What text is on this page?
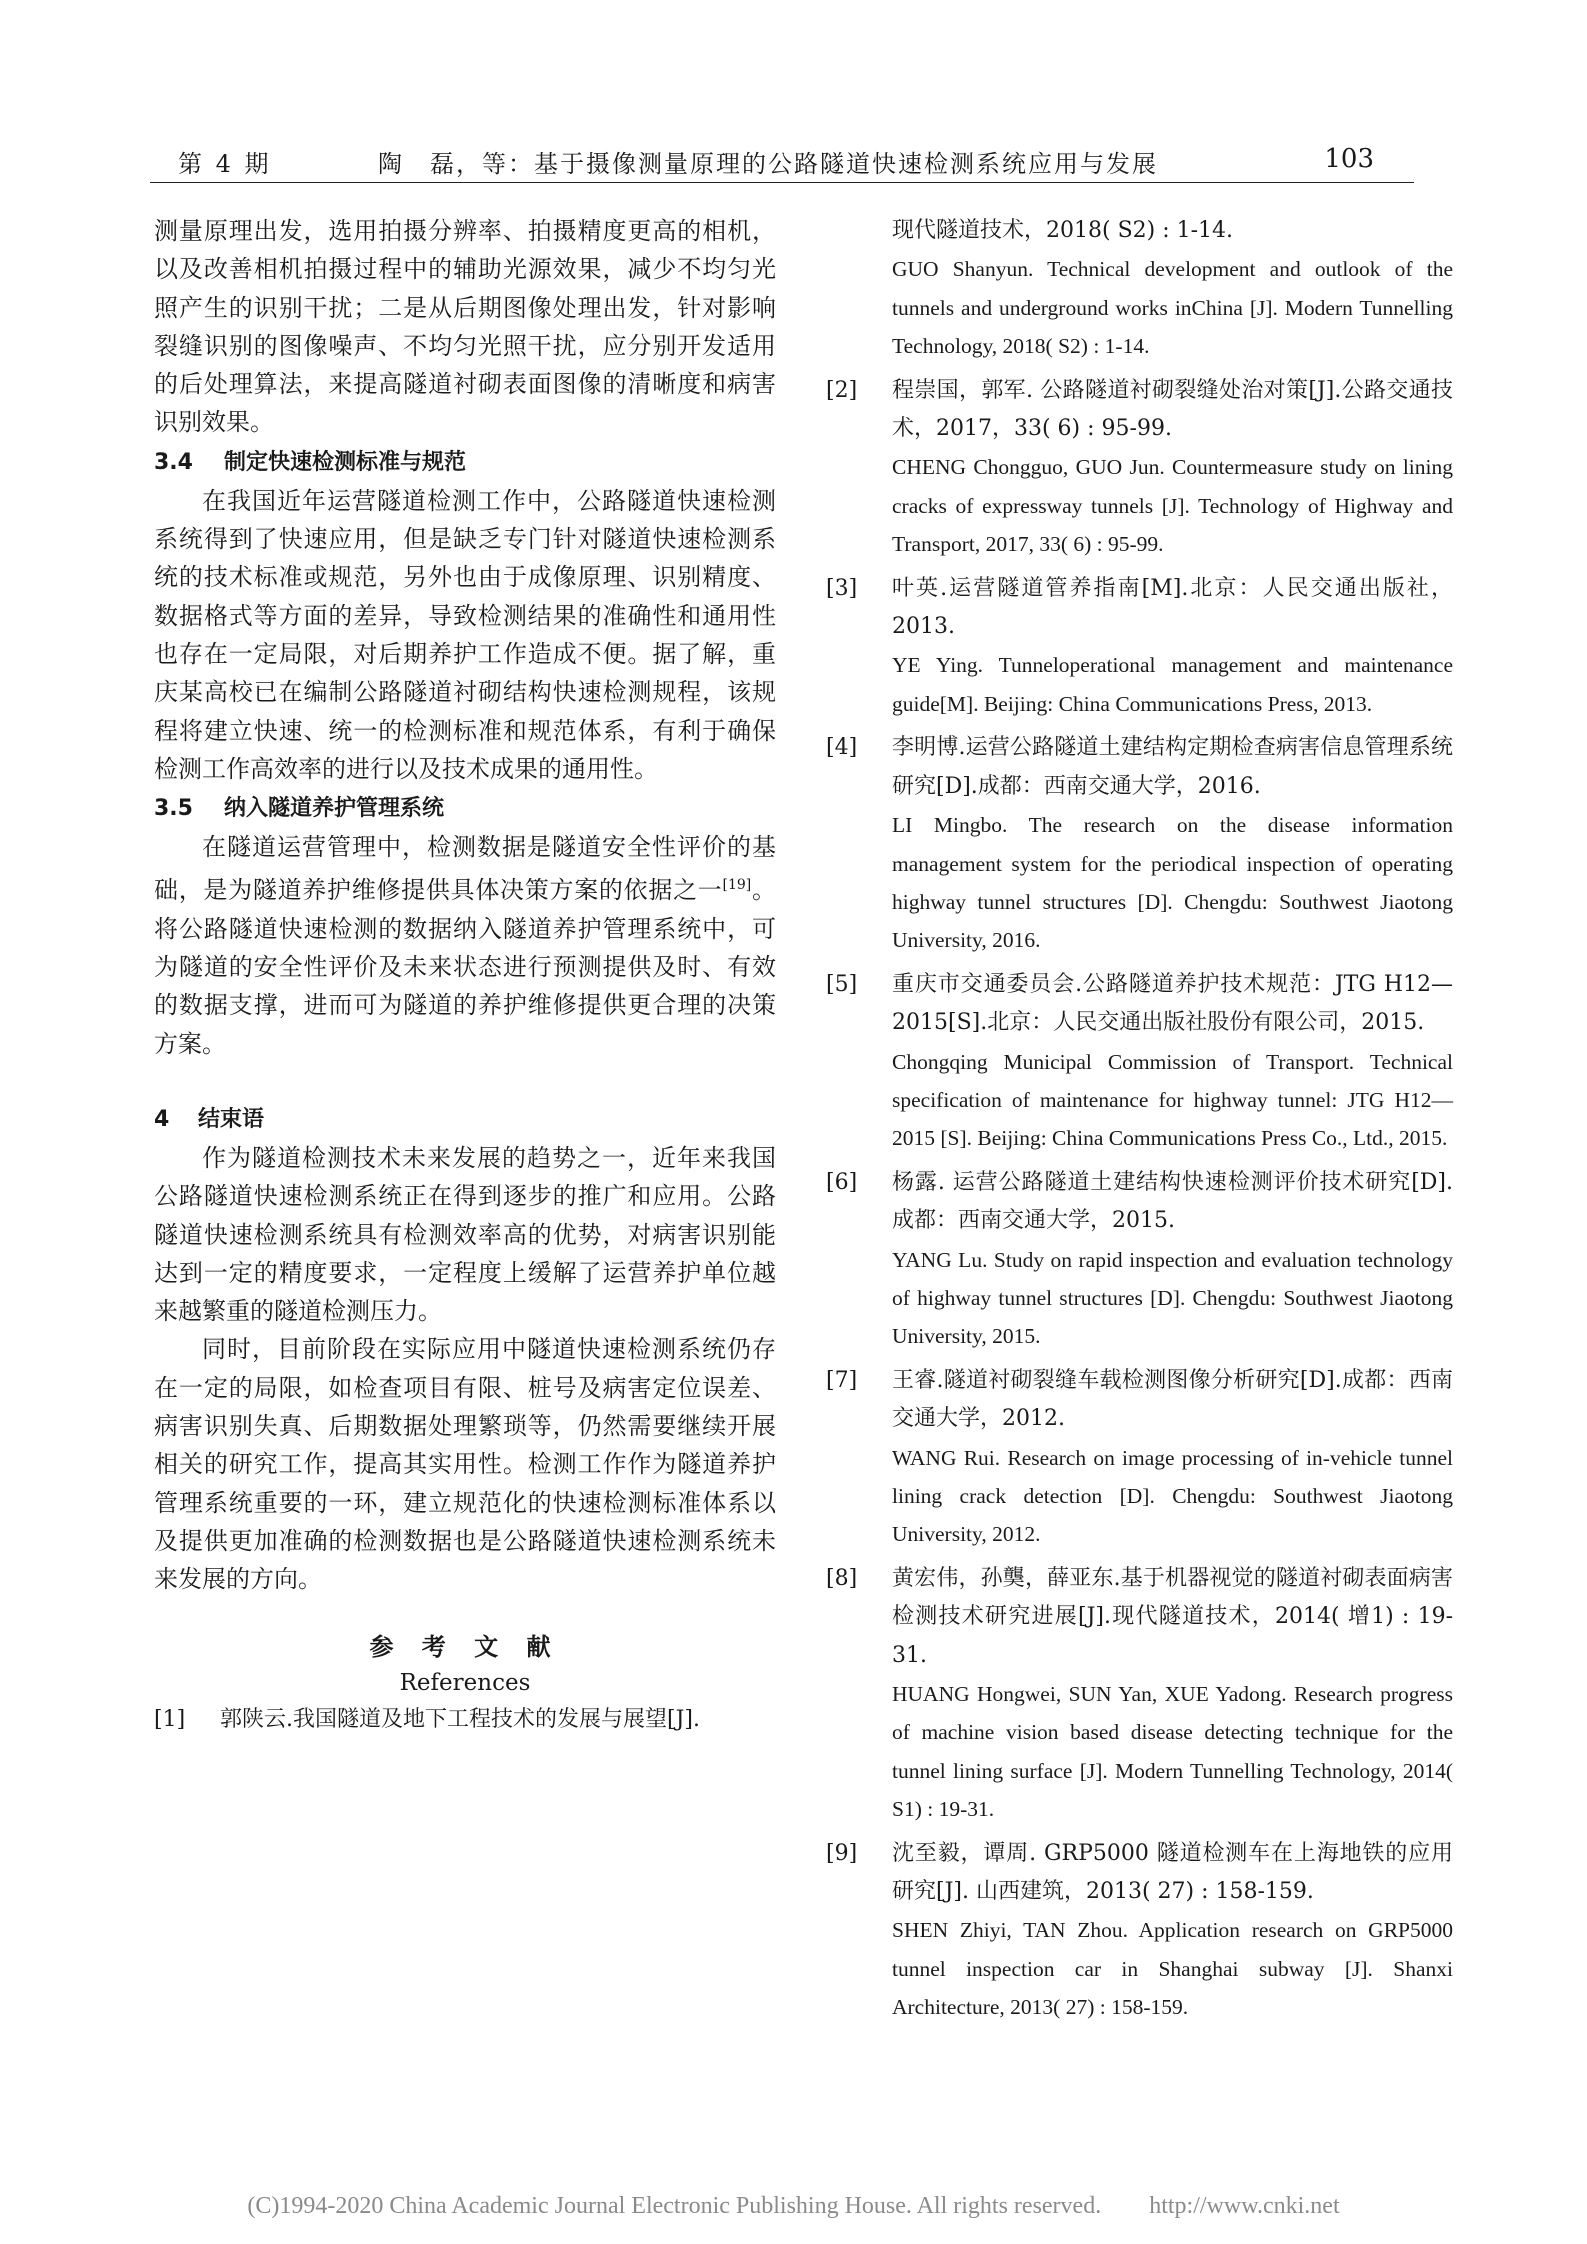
第 4 期	陶　磊，等：基于摄像测量原理的公路隧道快速检测系统应用与发展	103

测量原理出发，选用拍摄分辨率、拍摄精度更高的相机，以及改善相机拍摄过程中的辅助光源效果，减少不均匀光照产生的识别干扰；二是从后期图像处理出发，针对影响裂缝识别的图像噪声、不均匀光照干扰，应分别开发适用的后处理算法，来提高隧道衬砌表面图像的清晰度和病害识别效果。

3.4 制定快速检测标准与规范

在我国近年运营隧道检测工作中，公路隧道快速检测系统得到了快速应用，但是缺乏专门针对隧道快速检测系统的技术标准或规范，另外也由于成像原理、识别精度、数据格式等方面的差异，导致检测结果的准确性和通用性也存在一定局限，对后期养护工作造成不便。据了解，重庆某高校已在编制公路隧道衬砌结构快速检测规程，该规程将建立快速、统一的检测标准和规范体系，有利于确保检测工作高效率的进行以及技术成果的通用性。

3.5 纳入隧道养护管理系统

在隧道运营管理中，检测数据是隧道安全性评价的基础，是为隧道养护维修提供具体决策方案的依据之一[19]。将公路隧道快速检测的数据纳入隧道养护管理系统中，可为隧道的安全性评价及未来状态进行预测提供及时、有效的数据支撑，进而可为隧道的养护维修提供更合理的决策方案。

4 结束语

作为隧道检测技术未来发展的趋势之一，近年来我国公路隧道快速检测系统正在得到逐步的推广和应用。公路隧道快速检测系统具有检测效率高的优势，对病害识别能达到一定的精度要求，一定程度上缓解了运营养护单位越来越繁重的隧道检测压力。

同时，目前阶段在实际应用中隧道快速检测系统仍存在一定的局限，如检查项目有限、桩号及病害定位误差、病害识别失真、后期数据处理繁琐等，仍然需要继续开展相关的研究工作，提高其实用性。检测工作作为隧道养护管理系统重要的一环，建立规范化的快速检测标准体系以及提供更加准确的检测数据也是公路隧道快速检测系统未来发展的方向。

参 考 文 献
References
[1] 郭陕云.我国隧道及地下工程技术的发展与展望[J].
现代隧道技术，2018( S2) : 1-14.
GUO Shanyun. Technical development and outlook of the tunnels and underground works inChina [J]. Modern Tunnelling Technology, 2018( S2) : 1-14.
[2] 程崇国，郭军. 公路隧道衬砌裂缝处治对策[J].公路交通技术，2017，33( 6) : 95-99.
CHENG Chongguo, GUO Jun. Countermeasure study on lining cracks of expressway tunnels [J]. Technology of Highway and Transport, 2017, 33( 6) : 95-99.
[3] 叶英.运营隧道管养指南[M].北京：人民交通出版社，2013.
YE Ying. Tunneloperational management and maintenance guide[M]. Beijing: China Communications Press, 2013.
[4] 李明博.运营公路隧道土建结构定期检查病害信息管理系统研究[D].成都：西南交通大学，2016.
LI Mingbo. The research on the disease information management system for the periodical inspection of operating highway tunnel structures [D]. Chengdu: Southwest Jiaotong University, 2016.
[5] 重庆市交通委员会.公路隧道养护技术规范：JTG H12—2015[S].北京：人民交通出版社股份有限公司，2015.
Chongqing Municipal Commission of Transport. Technical specification of maintenance for highway tunnel: JTG H12—2015 [S]. Beijing: China Communications Press Co., Ltd., 2015.
[6] 杨露. 运营公路隧道土建结构快速检测评价技术研究[D]. 成都：西南交通大学，2015.
YANG Lu. Study on rapid inspection and evaluation technology of highway tunnel structures [D]. Chengdu: Southwest Jiaotong University, 2015.
[7] 王睿.隧道衬砌裂缝车载检测图像分析研究[D].成都：西南交通大学，2012.
WANG Rui. Research on image processing of in-vehicle tunnel lining crack detection [D]. Chengdu: Southwest Jiaotong University, 2012.
[8] 黄宏伟，孙龑，薛亚东.基于机器视觉的隧道衬砌表面病害检测技术研究进展[J].现代隧道技术，2014( 增1) : 19-31.
HUANG Hongwei, SUN Yan, XUE Yadong. Research progress of machine vision based disease detecting technique for the tunnel lining surface [J]. Modern Tunnelling Technology, 2014( S1) : 19-31.
[9] 沈至毅，谭周. GRP5000 隧道检测车在上海地铁的应用研究[J]. 山西建筑，2013( 27) : 158-159.
SHEN Zhiyi, TAN Zhou. Application research on GRP5000 tunnel inspection car in Shanghai subway [J]. Shanxi Architecture, 2013( 27) : 158-159.
(C)1994-2020 China Academic Journal Electronic Publishing House. All rights reserved.　　http://www.cnki.net
